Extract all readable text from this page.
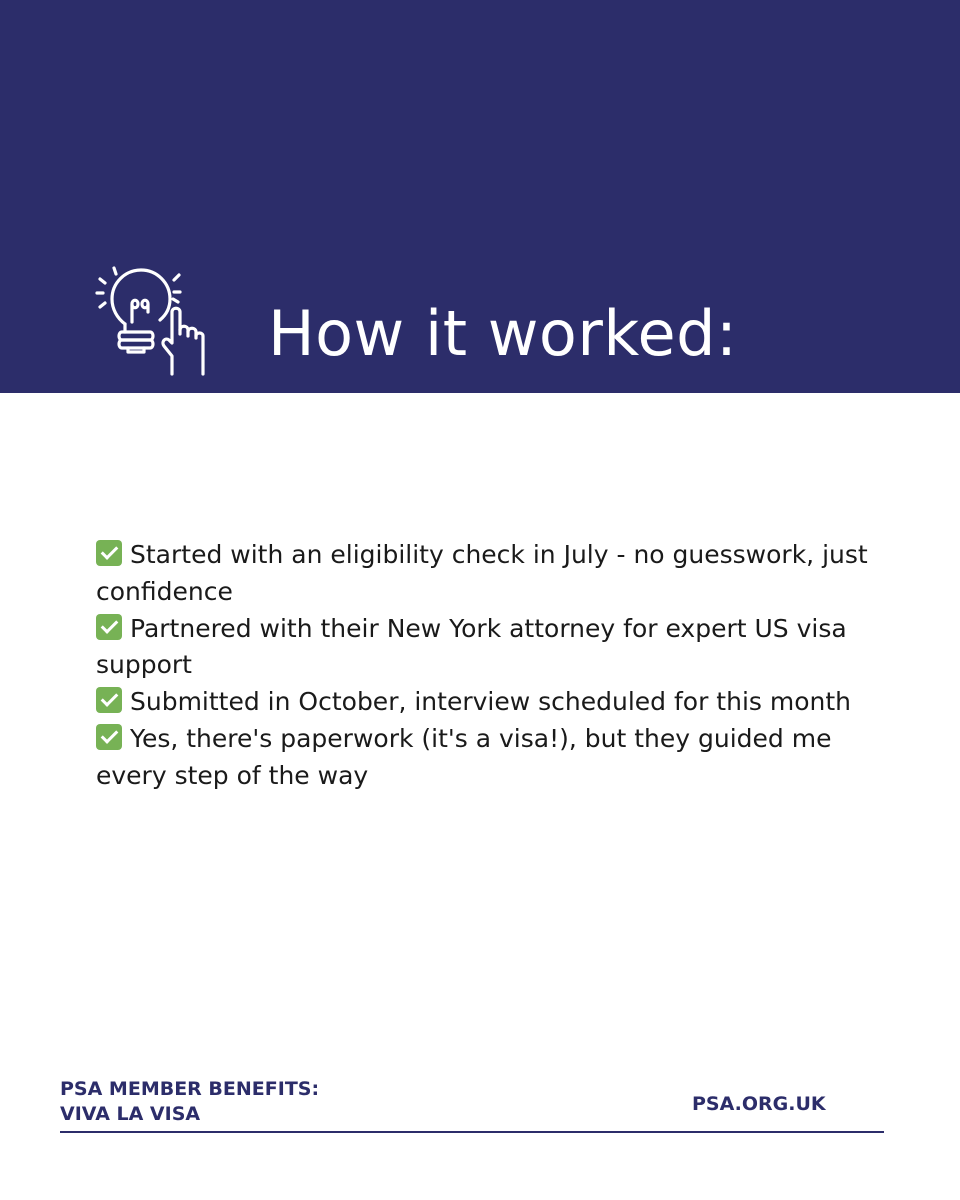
How it worked:

Started with an eligibility check in July - no guesswork, just confidence

Partnered with their New York attorney for expert US visa support

Submitted in October, interview scheduled for this month

Yes, there's paperwork (it's a visa!), but they guided me every step of the way

PSA MEMBER BENEFITS:
VIVA LA VISA	PSA.ORG.UK
